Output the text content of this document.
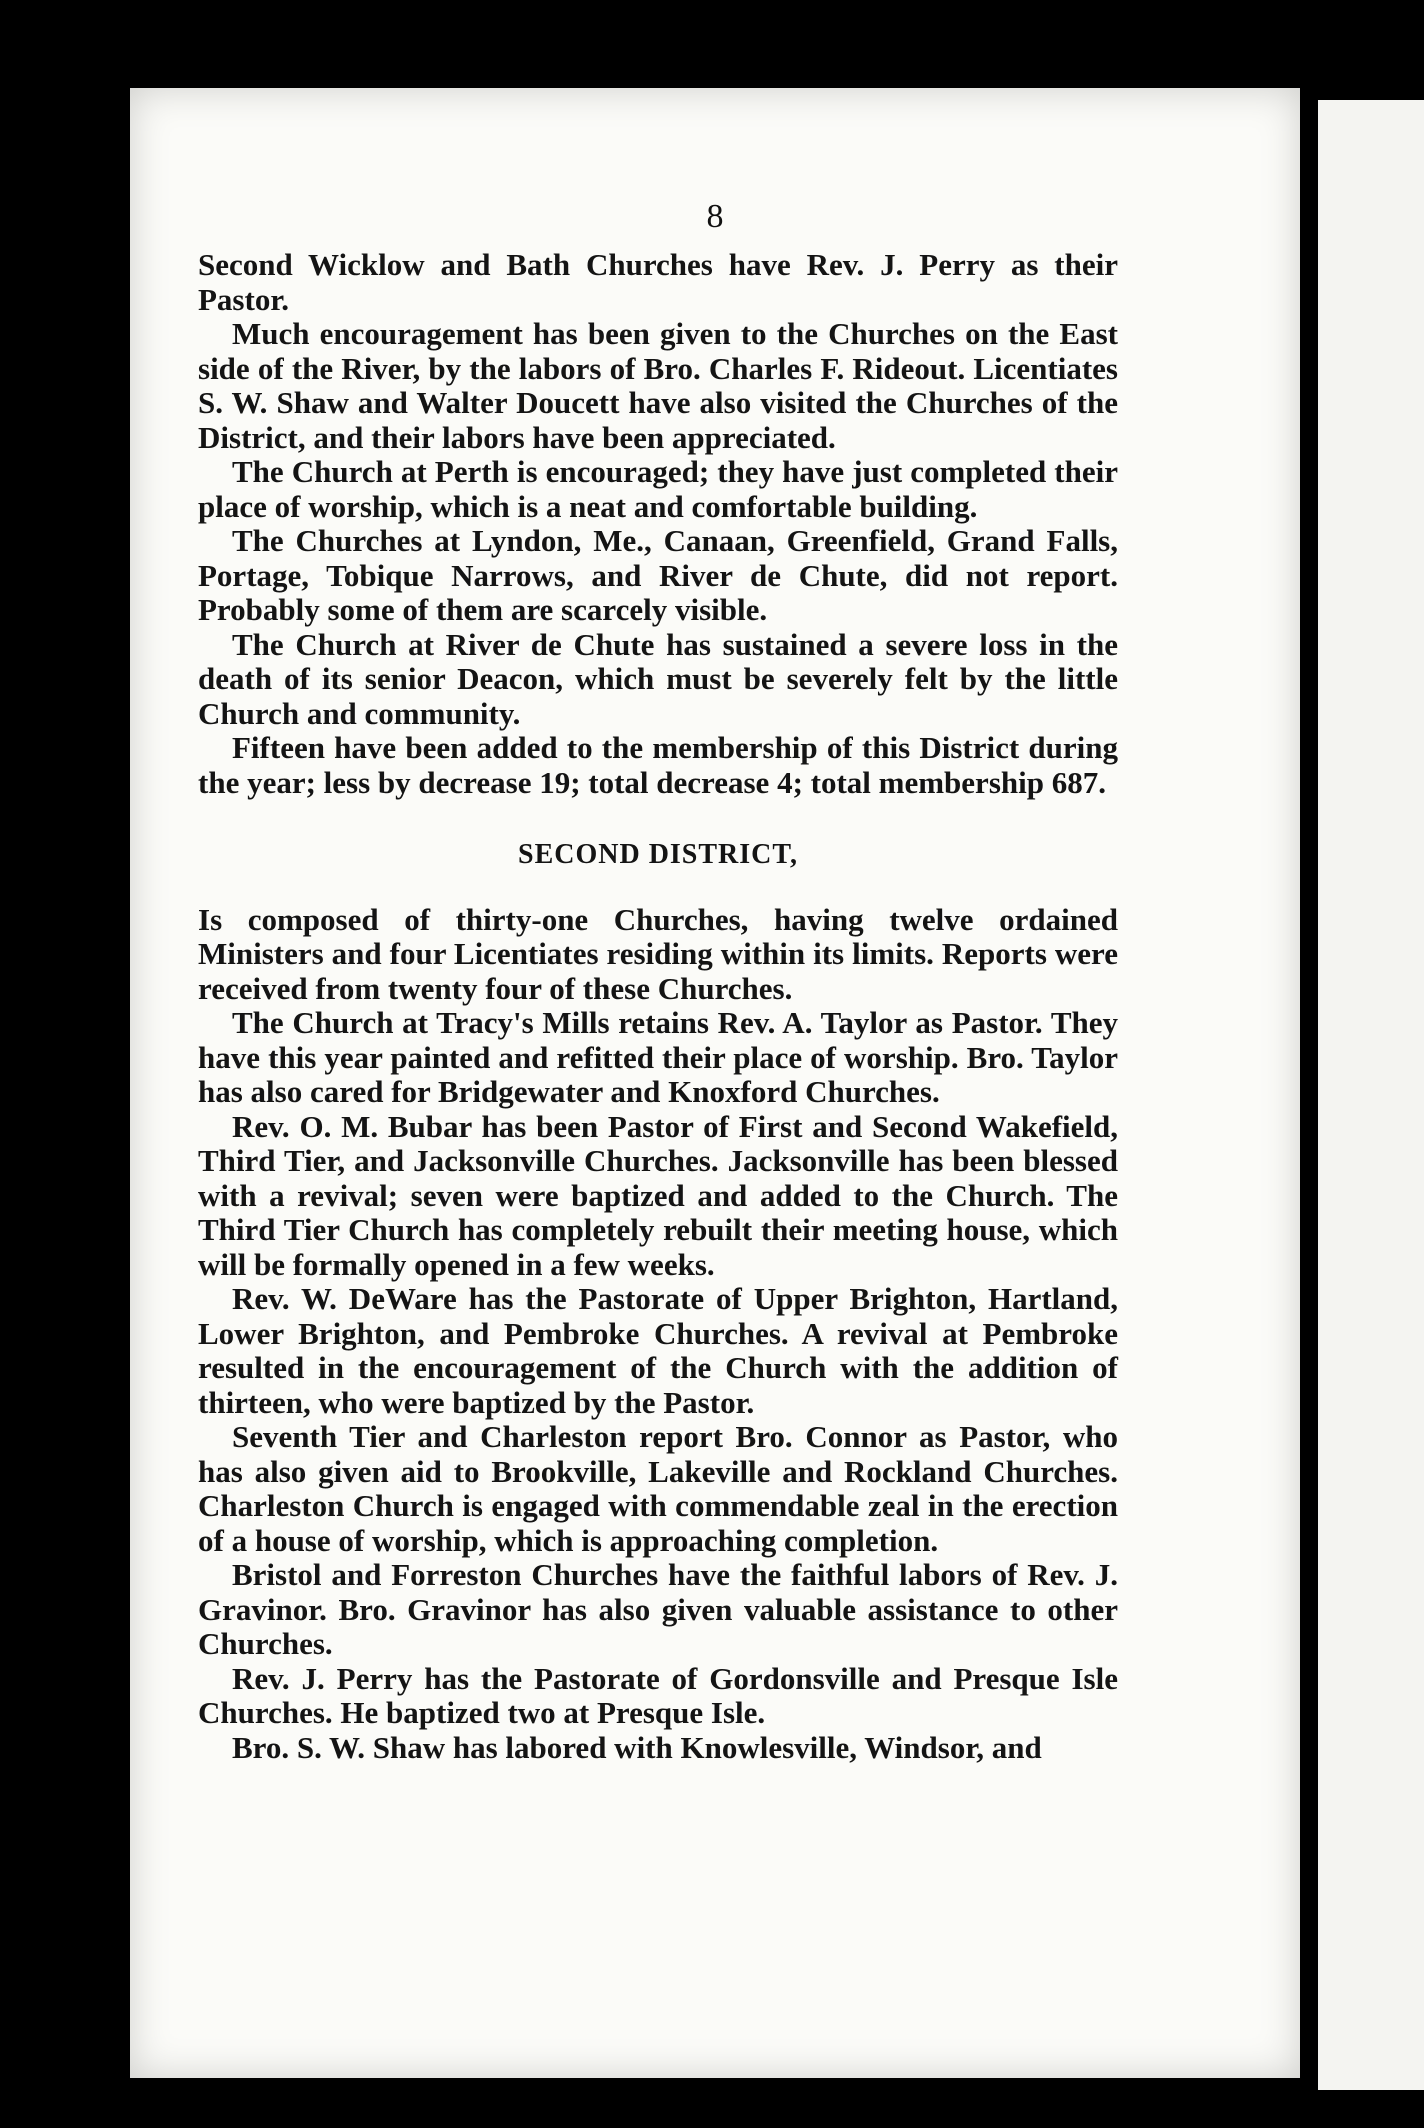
8

Second Wicklow and Bath Churches have Rev. J. Perry as their Pastor.

Much encouragement has been given to the Churches on the East side of the River, by the labors of Bro. Charles F. Rideout. Licentiates S. W. Shaw and Walter Doucett have also visited the Churches of the District, and their labors have been appreciated.

The Church at Perth is encouraged; they have just completed their place of worship, which is a neat and comfortable building.

The Churches at Lyndon, Me., Canaan, Greenfield, Grand Falls, Portage, Tobique Narrows, and River de Chute, did not report. Probably some of them are scarcely visible.

The Church at River de Chute has sustained a severe loss in the death of its senior Deacon, which must be severely felt by the little Church and community.

Fifteen have been added to the membership of this District during the year; less by decrease 19; total decrease 4; total membership 687.

SECOND DISTRICT,

Is composed of thirty-one Churches, having twelve ordained Ministers and four Licentiates residing within its limits. Reports were received from twenty four of these Churches.

The Church at Tracy's Mills retains Rev. A. Taylor as Pastor. They have this year painted and refitted their place of worship. Bro. Taylor has also cared for Bridgewater and Knoxford Churches.

Rev. O. M. Bubar has been Pastor of First and Second Wakefield, Third Tier, and Jacksonville Churches. Jacksonville has been blessed with a revival; seven were baptized and added to the Church. The Third Tier Church has completely rebuilt their meeting house, which will be formally opened in a few weeks.

Rev. W. DeWare has the Pastorate of Upper Brighton, Hartland, Lower Brighton, and Pembroke Churches. A revival at Pembroke resulted in the encouragement of the Church with the addition of thirteen, who were baptized by the Pastor.

Seventh Tier and Charleston report Bro. Connor as Pastor, who has also given aid to Brookville, Lakeville and Rockland Churches. Charleston Church is engaged with commendable zeal in the erection of a house of worship, which is approaching completion.

Bristol and Forreston Churches have the faithful labors of Rev. J. Gravinor. Bro. Gravinor has also given valuable assistance to other Churches.

Rev. J. Perry has the Pastorate of Gordonsville and Presque Isle Churches. He baptized two at Presque Isle.

Bro. S. W. Shaw has labored with Knowlesville, Windsor, and
